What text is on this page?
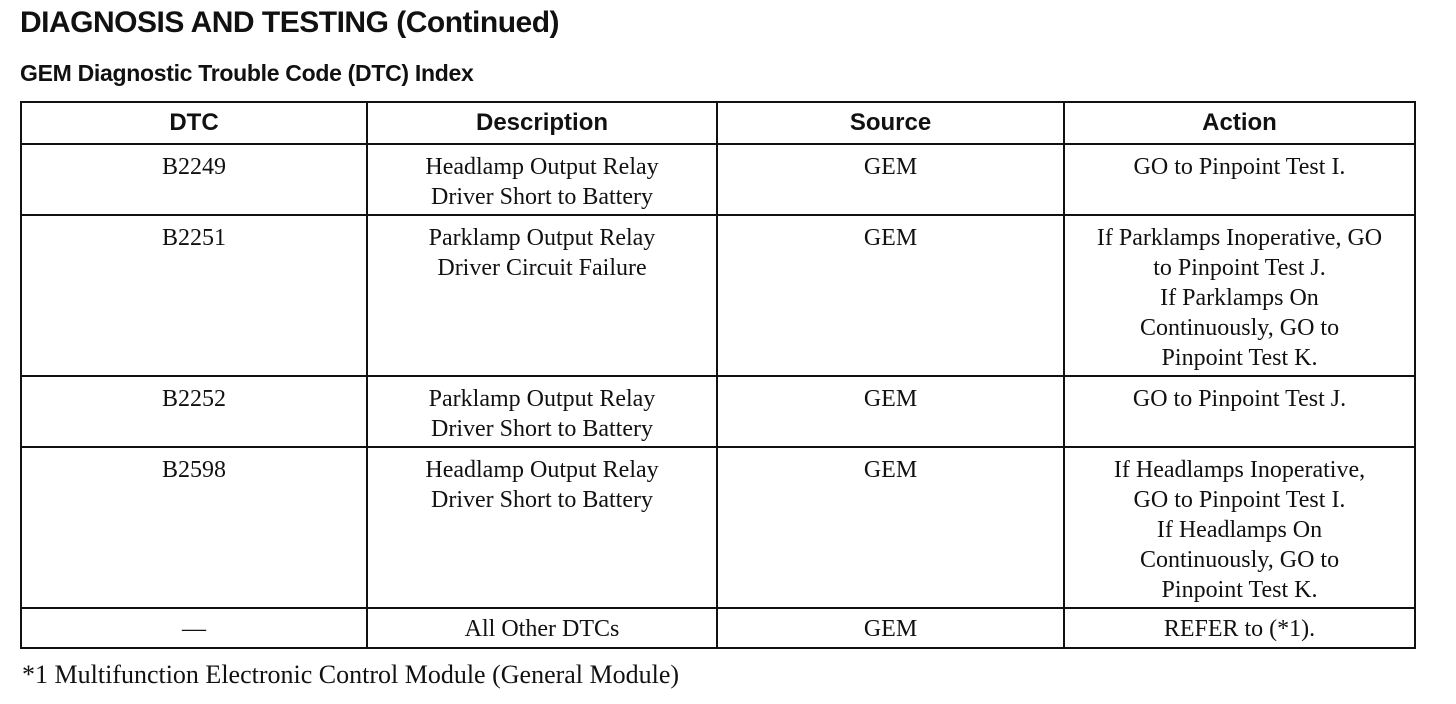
DIAGNOSIS AND TESTING (Continued)
GEM Diagnostic Trouble Code (DTC) Index
DTC	Description	Source	Action
B2249	Headlamp Output Relay
Driver Short to Battery	GEM	GO to Pinpoint Test I.

B2251	Parklamp Output Relay
Driver Circuit Failure	GEM	If Parklamps Inoperative, GO
to Pinpoint Test J.
If Parklamps On
Continuously, GO to
Pinpoint Test K.

B2252	Parklamp Output Relay
Driver Short to Battery	GEM	GO to Pinpoint Test J.

B2598	Headlamp Output Relay
Driver Short to Battery	GEM	If Headlamps Inoperative,
GO to Pinpoint Test I.
If Headlamps On
Continuously, GO to
Pinpoint Test K.

—	All Other DTCs	GEM	REFER to (*1).
*1 Multifunction Electronic Control Module (General Module)
